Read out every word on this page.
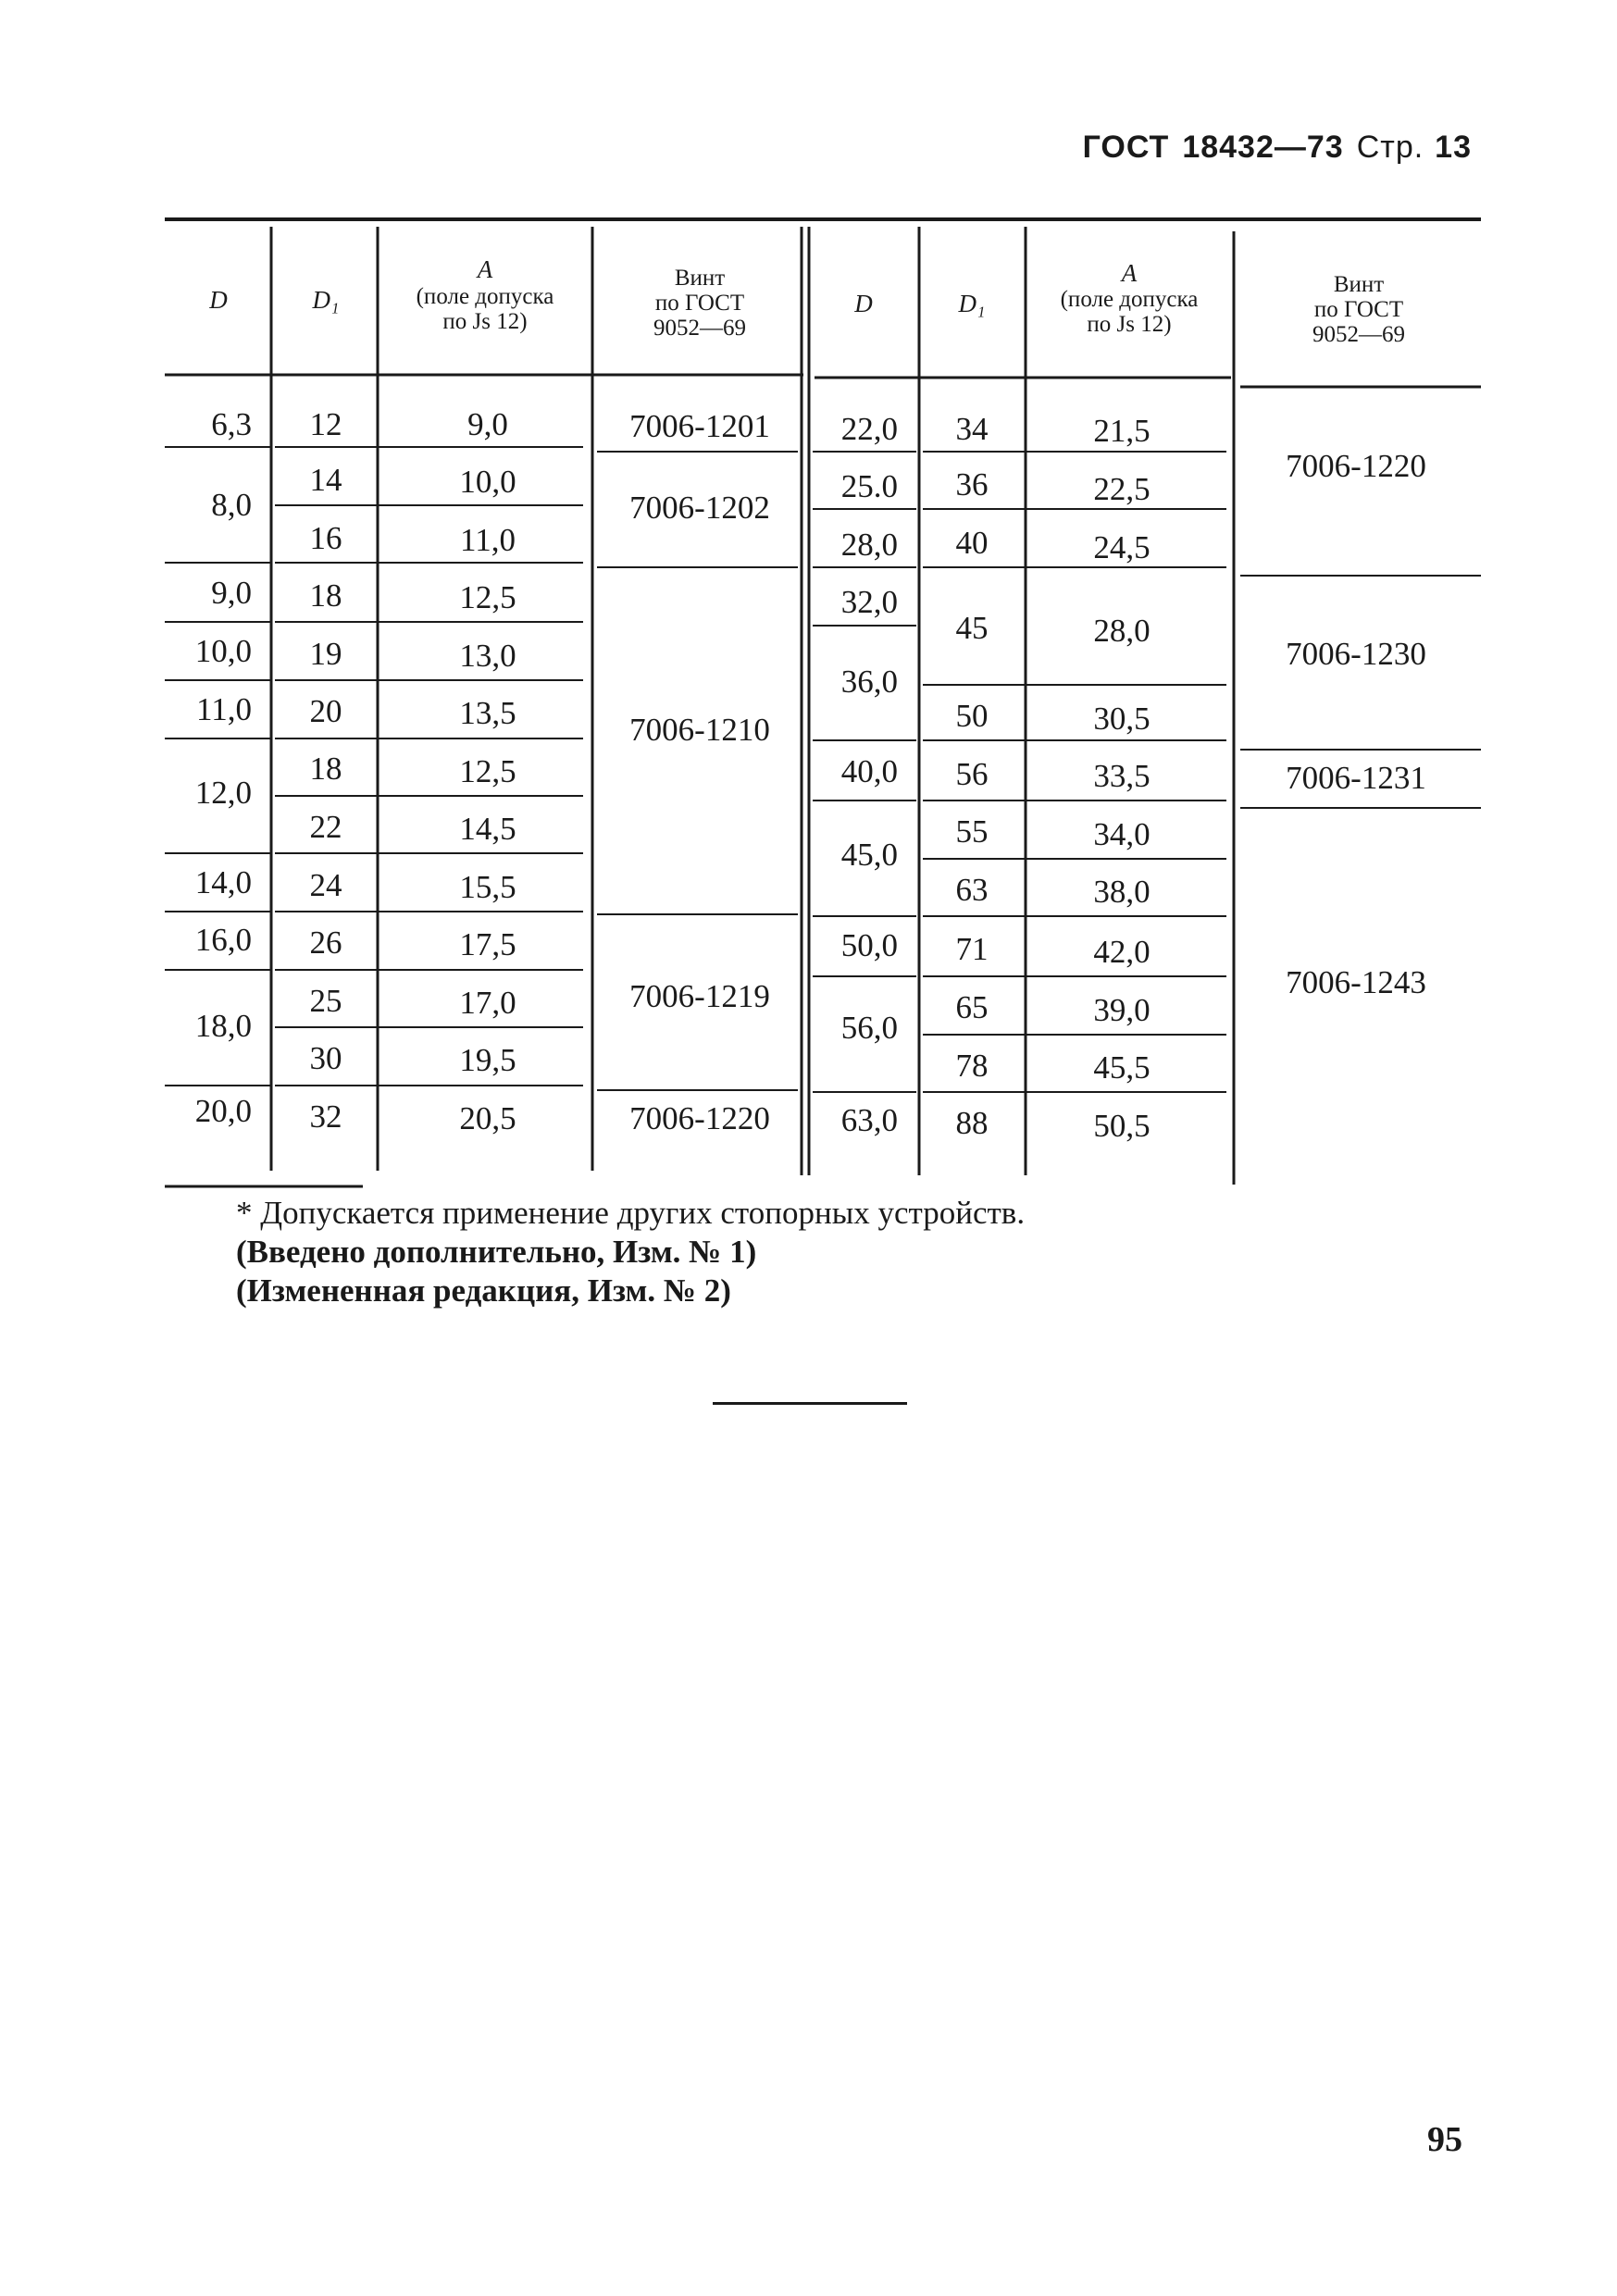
ГОСТ 18432—73 Стр. 13
D	D₁
A
(поле допуска
по Js 12)
Винт
по ГОСТ
9052—69
D	D₁
A
(поле допуска
по Js 12)
Винт
по ГОСТ
9052—69
6,3
8,0
9,0
10,0
11,0
12,0
14,0
16,0
18,0
20,0
12
14
16
18
19
20
18
22
24
26
25
30
32
9,0
10,0
11,0
12,5
13,0
13,5
12,5
14,5
15,5
17,5
17,0
19,5
20,5
7006-1201
7006-1202
7006-1210
7006-1219
7006-1220
22,0
25.0
28,0
32,0
36,0
40,0
45,0
50,0
56,0
63,0
34
36
40
45
50
56
55
63
71
65
78
88
21,5
22,5
24,5
28,0
30,5
33,5
34,0
38,0
42,0
39,0
45,5
50,5
7006-1220
7006-1230
7006-1231
7006-1243
* Допускается применение других стопорных устройств.
(Введено дополнительно, Изм. № 1)
(Измененная редакция, Изм. № 2)
95
